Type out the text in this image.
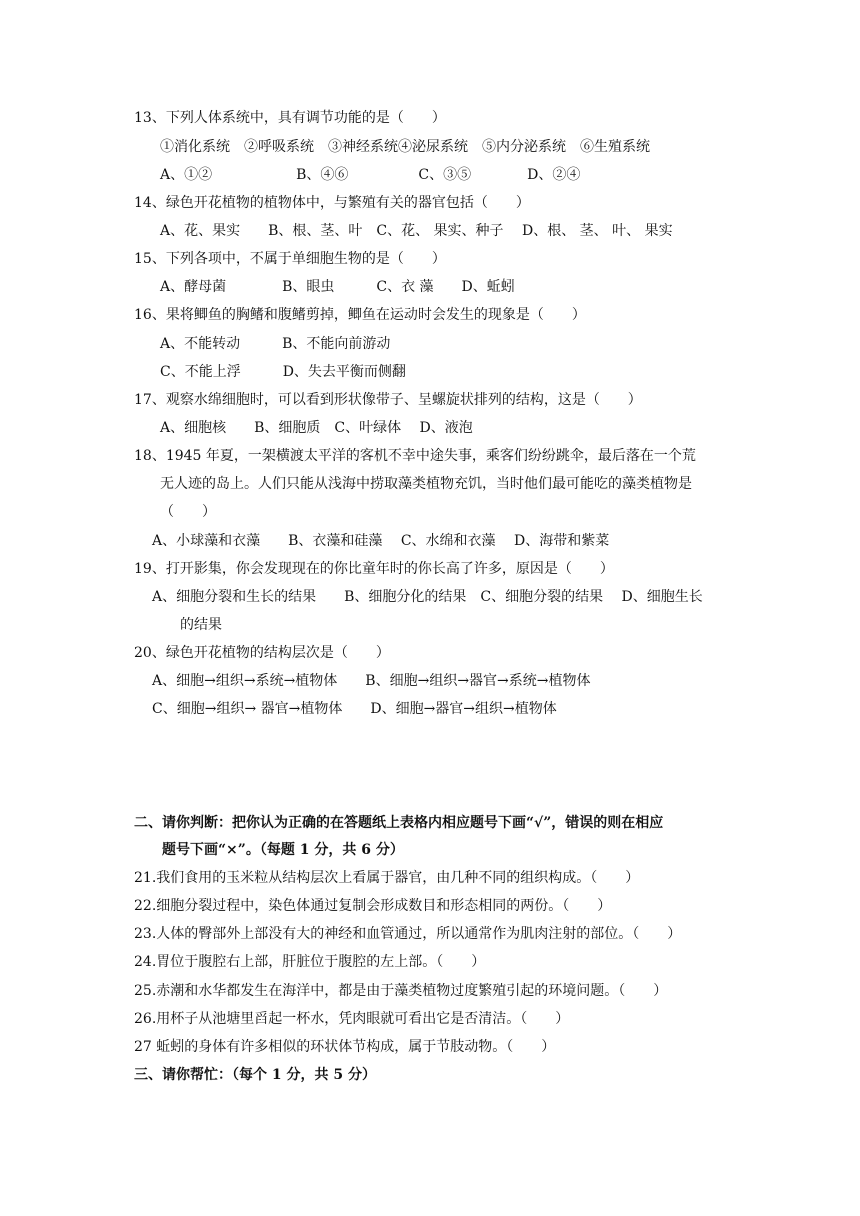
13、下列人体系统中，具有调节功能的是（　　）
①消化系统　②呼吸系统　③神经系统④泌尿系统　⑤内分泌系统　⑥生殖系统
A、①②　　　　　　B、④⑥　　　　　C、③⑤　　　　D、②④
14、绿色开花植物的植物体中，与繁殖有关的器官包括（　　）
A、花、果实　　B、根、茎、叶　C、花、 果实、种子　 D、根、 茎、 叶、 果实
15、下列各项中，不属于单细胞生物的是（　　）
A、酵母菌　　　　B、眼虫　　　C、衣 藻　　D、蚯蚓
16、果将鲫鱼的胸鳍和腹鳍剪掉，鲫鱼在运动时会发生的现象是（　　）
A、不能转动　　　B、不能向前游动
C、不能上浮　　　D、失去平衡而侧翻
17、观察水绵细胞时，可以看到形状像带子、呈螺旋状排列的结构，这是（　　）
A、细胞核　　B、细胞质　C、叶绿体　 D、液泡
18、1945 年夏，一架横渡太平洋的客机不幸中途失事，乘客们纷纷跳伞，最后落在一个荒
无人迹的岛上。人们只能从浅海中捞取藻类植物充饥，当时他们最可能吃的藻类植物是
（　　）
A、小球藻和衣藻　　B、衣藻和硅藻　 C、水绵和衣藻　 D、海带和紫菜
19、打开影集，你会发现现在的你比童年时的你长高了许多，原因是（　　）
A、细胞分裂和生长的结果　　B、细胞分化的结果　C、细胞分裂的结果　 D、细胞生长
的结果
20、绿色开花植物的结构层次是（　　）
A、细胞→组织→系统→植物体　　B、细胞→组织→器官→系统→植物体
C、细胞→组织→ 器官→植物体　　D、细胞→器官→组织→植物体
二、请你判断：把你认为正确的在答题纸上表格内相应题号下画“√”，错误的则在相应
题号下画“×”。（每题 1 分，共 6 分）
21.我们食用的玉米粒从结构层次上看属于器官，由几种不同的组织构成。（　　）
22.细胞分裂过程中，染色体通过复制会形成数目和形态相同的两份。（　　）
23.人体的臀部外上部没有大的神经和血管通过，所以通常作为肌肉注射的部位。（　　）
24.胃位于腹腔右上部，肝脏位于腹腔的左上部。（　　）
25.赤潮和水华都发生在海洋中，都是由于藻类植物过度繁殖引起的环境问题。（　　）
26.用杯子从池塘里舀起一杯水，凭肉眼就可看出它是否清洁。（　　）
27 蚯蚓的身体有许多相似的环状体节构成，属于节肢动物。（　　）
三、请你帮忙：（每个 1 分，共 5 分）
